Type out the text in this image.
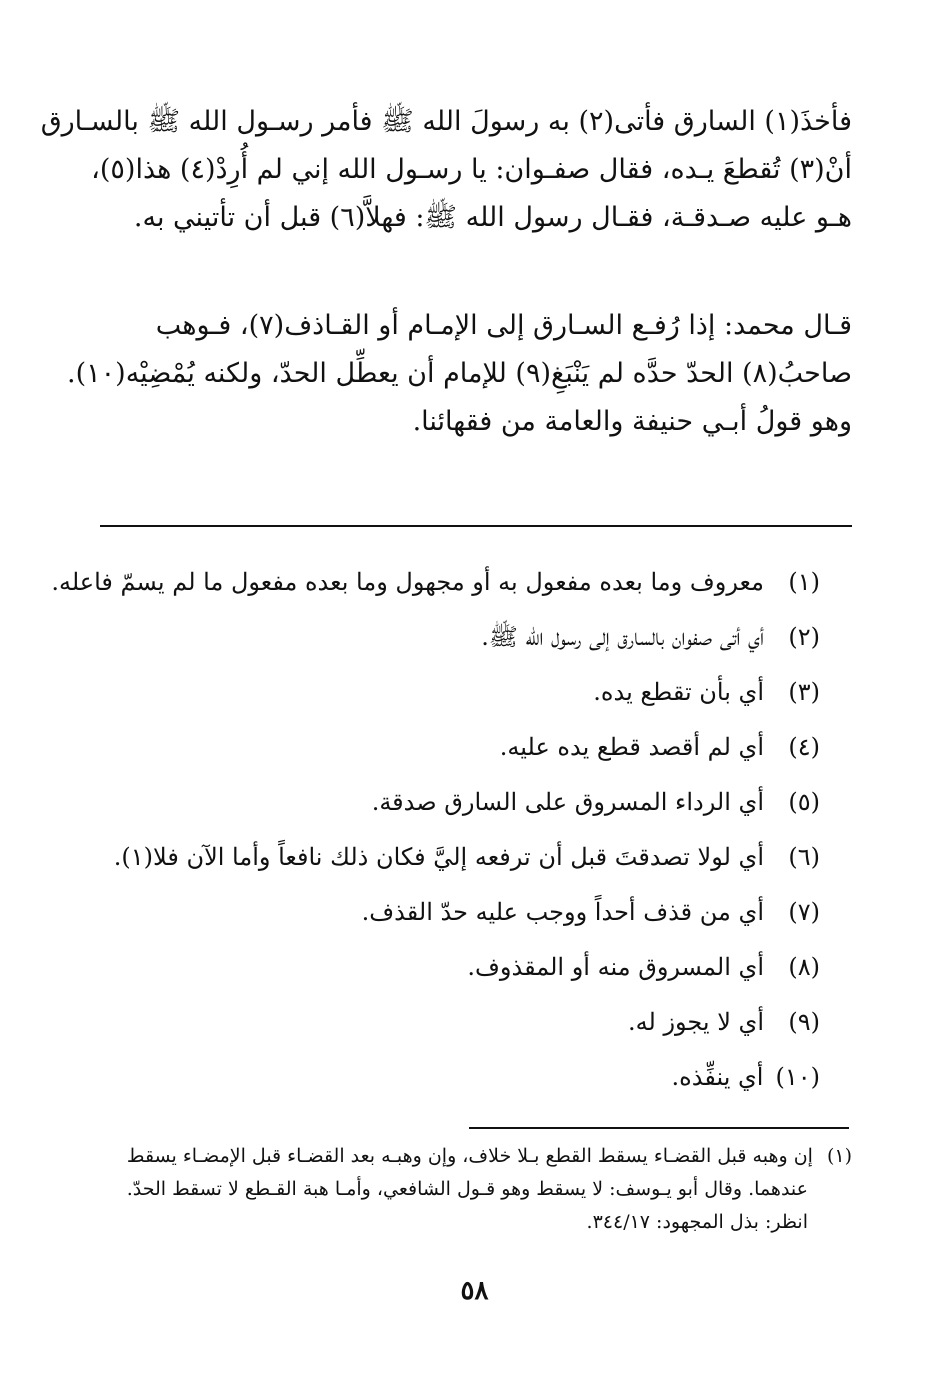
فأخذَ(١) السارق فأتى(٢) به رسولَ الله ﷺ فأمر رسـول الله ﷺ بالسـارق
أنْ(٣) تُقطعَ يـده، فقال صفـوان: يا رسـول الله إني لم أُرِدْ(٤) هذا(٥)،
هـو عليه صـدقـة، فقـال رسول الله ﷺ: فهلاَّ(٦) قبل أن تأتيني به.
قـال محمد: إذا رُفـع السـارق إلى الإمـام أو القـاذف(٧)، فـوهب
صاحبُ(٨) الحدّ حدَّه لم يَنْبَغِ(٩) للإمام أن يعطِّل الحدّ، ولكنه يُمْضِيْه(١٠).
وهو قولُ أبـي حنيفة والعامة من فقهائنا.
(١)
معروف وما بعده مفعول به أو مجهول وما بعده مفعول ما لم يسمّ فاعله.
(٢)
أي أتى صفوان بالسارق إلى رسول الله ﷺ.
(٣)
أي بأن تقطع يده.
(٤)
أي لم أقصد قطع يده عليه.
(٥)
أي الرداء المسروق على السارق صدقة.
(٦)
أي لولا تصدقتَ قبل أن ترفعه إليَّ فكان ذلك نافعاً وأما الآن فلا(١).
(٧)
أي من قذف أحداً ووجب عليه حدّ القذف.
(٨)
أي المسروق منه أو المقذوف.
(٩)
أي لا يجوز له.
(١٠)
أي ينفِّذه.
(١)
إن وهبه قبل القضـاء يسقط القطع بـلا خلاف، وإن وهبـه بعد القضـاء قبل الإمضـاء يسقط
عندهما. وقال أبو يـوسف: لا يسقط وهو قـول الشافعي، وأمـا هبة القـطع لا تسقط الحدّ.
انظر: بذل المجهود: ٣٤٤/١٧.
٥٨
